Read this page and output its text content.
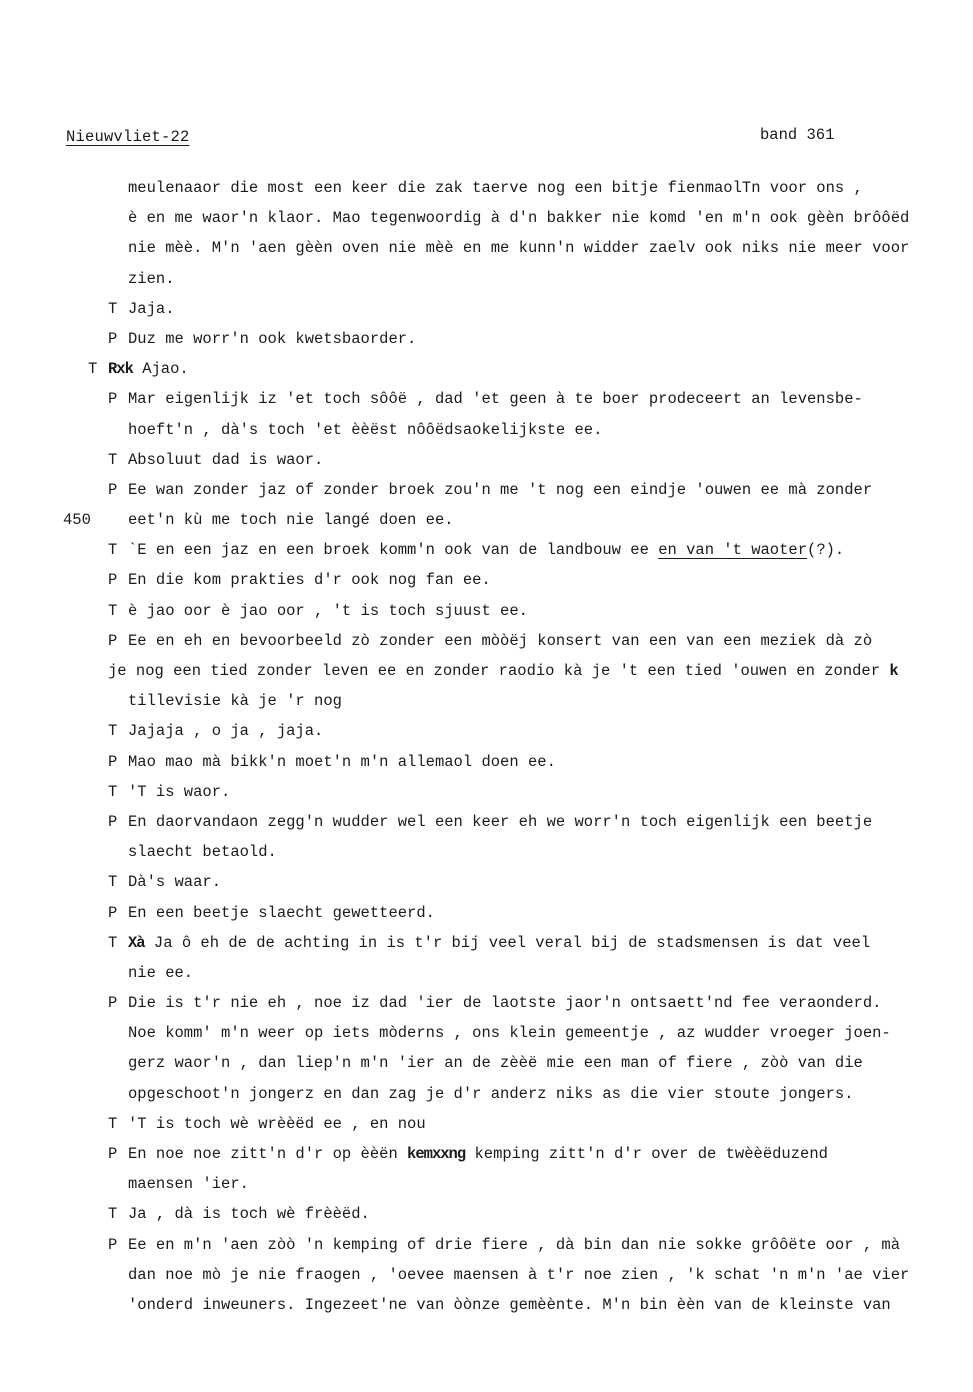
Nieuwvliet-22	band 361
meulenaaor die most een keer die zak taerve nog een bitje fienmaolTn voor ons ,
è en me waor'n klaor. Mao tegenwoordig à d'n bakker nie komd 'en m'n ook gèèn brôôëd
nie mèè. M'n 'aen gèèn oven nie mèè en me kunn'n widder zaelv ook niks nie meer voor
zien.
T Jaja.
P Duz me worr'n ook kwetsbaorder.
T Rxk Ajao.
P Mar eigenlijk iz 'et toch sôôë , dad 'et geen à te boer prodeceert an levensbe-
hoeft'n , dà's toch 'et èèëst nôôëdsaokelijkste ee.
T Absoluut dad is waor.
P Ee wan zonder jaz of zonder broek zou'n me 't nog een eindje 'ouwen ee mà zonder
450 eet'n kù me toch nie langé doen ee.
T `E en een jaz en een broek komm'n ook van de landbouw ee en van 't waoter(?).
P En die kom prakties d'r ook nog fan ee.
T è jao oor è jao oor , 't is toch sjuust ee.
P Ee en eh en bevoorbeeld zò zonder een mòòëj konsert van een van een meziek dà zò
je nog een tied zonder leven ee en zonder raodio kà je 't een tied 'ouwen en zonder k
tillevisie kà je 'r nog
T Jajaja , o ja , jaja.
P Mao mao mà bikk'n moet'n m'n allemaol doen ee.
T 'T is waor.
P En daorvandaon zegg'n wudder wel een keer eh we worr'n toch eigenlijk een beetje
slaecht betaold.
T Dà's waar.
P En een beetje slaecht gewetteerd.
T Xà Ja ô eh de de achting in is t'r bij veel veral bij de stadsmensen is dat veel
nie ee.
P Die is t'r nie eh , noe iz dad 'ier de laotste jaor'n ontsaett'nd fee veraonderd.
Noe komm' m'n weer op iets mòderns , ons klein gemeentje , az wudder vroeger joen-
gerz waor'n , dan liep'n m'n 'ier an de zèèë mie een man of fiere , zòò van die
opgeschoot'n jongerz en dan zag je d'r anderz niks as die vier stoute jongers.
T 'T is toch wè wrèèëd ee , en nou
P En noe noe zitt'n d'r op èèën kemxxng kemping zitt'n d'r over de twèèëduzend
maensen 'ier.
T Ja , dà is toch wè frèèëd.
P Ee en m'n 'aen zòò 'n kemping of drie fiere , dà bin dan nie sokke grôôëte oor , mà
dan noe mò je nie fraogen , 'oevee maensen à t'r noe zien , 'k schat 'n m'n 'ae vier
'onderd inweuners. Ingezeet'ne van òònze gemèènte. M'n bin èèn van de kleinste van
